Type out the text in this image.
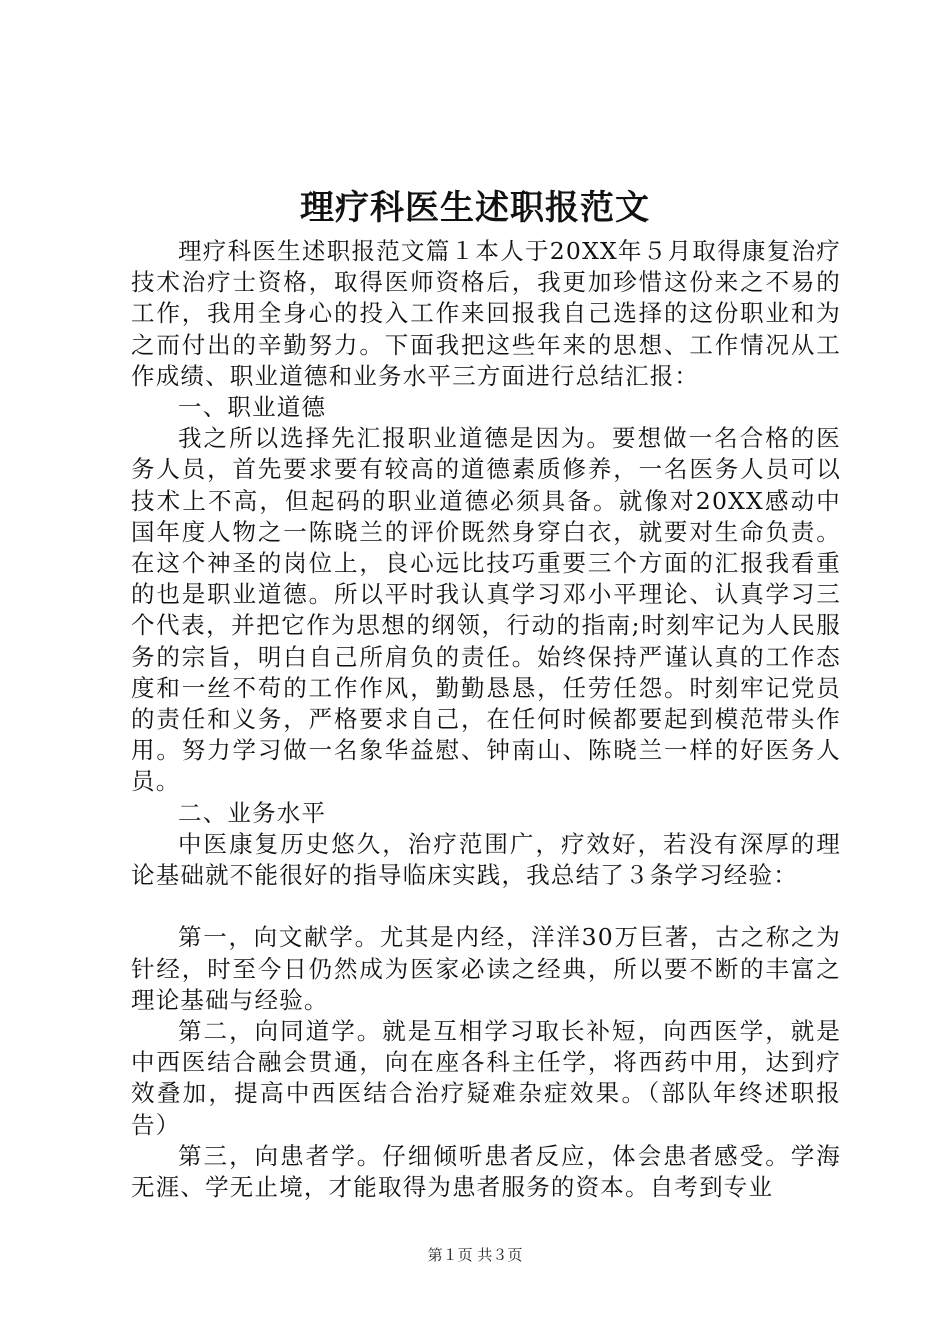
理疗科医生述职报范文

理疗科医生述职报范文篇１本人于20XX年５月取得康复治疗技术治疗士资格，取得医师资格后，我更加珍惜这份来之不易的工作，我用全身心的投入工作来回报我自己选择的这份职业和为之而付出的辛勤努力。下面我把这些年来的思想、工作情况从工作成绩、职业道德和业务水平三方面进行总结汇报：

一、职业道德

我之所以选择先汇报职业道德是因为。要想做一名合格的医务人员，首先要求要有较高的道德素质修养，一名医务人员可以技术上不高，但起码的职业道德必须具备。就像对20XX感动中国年度人物之一陈晓兰的评价既然身穿白衣，就要对生命负责。在这个神圣的岗位上，良心远比技巧重要三个方面的汇报我看重的也是职业道德。所以平时我认真学习邓小平理论、认真学习三个代表，并把它作为思想的纲领，行动的指南;时刻牢记为人民服务的宗旨，明白自己所肩负的责任。始终保持严谨认真的工作态度和一丝不苟的工作作风，勤勤恳恳，任劳任怨。时刻牢记党员的责任和义务，严格要求自己，在任何时候都要起到模范带头作用。努力学习做一名象华益慰、钟南山、陈晓兰一样的好医务人员。

二、业务水平

中医康复历史悠久，治疗范围广，疗效好，若没有深厚的理论基础就不能很好的指导临床实践，我总结了３条学习经验：

第一，向文献学。尤其是内经，洋洋30万巨著，古之称之为针经，时至今日仍然成为医家必读之经典，所以要不断的丰富之理论基础与经验。

第二，向同道学。就是互相学习取长补短，向西医学，就是中西医结合融会贯通，向在座各科主任学，将西药中用，达到疗效叠加，提高中西医结合治疗疑难杂症效果。（部队年终述职报告）

第三，向患者学。仔细倾听患者反应，体会患者感受。学海无涯、学无止境，才能取得为患者服务的资本。自考到专业

第１页 共３页
